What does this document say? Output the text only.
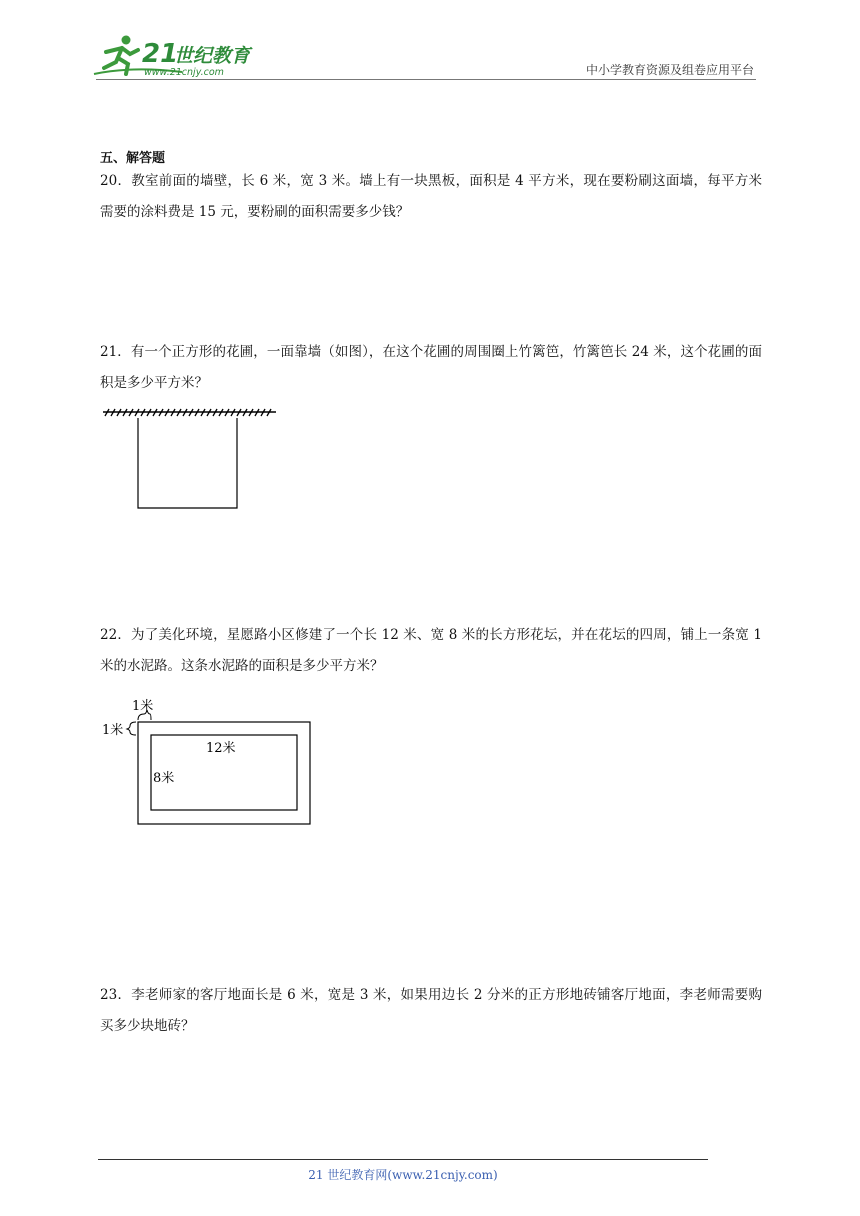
21
世纪教育
www.21cnjy.com	中小学教育资源及组卷应用平台
五、解答题
20．教室前面的墙壁，长 6 米，宽 3 米。墙上有一块黑板，面积是 4 平方米，现在要粉刷这面墙，每平方米需要的涂料费是 15 元，要粉刷的面积需要多少钱？
21．有一个正方形的花圃，一面靠墙（如图），在这个花圃的周围圈上竹篱笆，竹篱笆长 24 米，这个花圃的面积是多少平方米？
22．为了美化环境，星愿路小区修建了一个长 12 米、宽 8 米的长方形花坛，并在花坛的四周，铺上一条宽 1 米的水泥路。这条水泥路的面积是多少平方米？
1米
1米
12米
8米
23．李老师家的客厅地面长是 6 米，宽是 3 米，如果用边长 2 分米的正方形地砖铺客厅地面，李老师需要购买多少块地砖？
21 世纪教育网(www.21cnjy.com)
